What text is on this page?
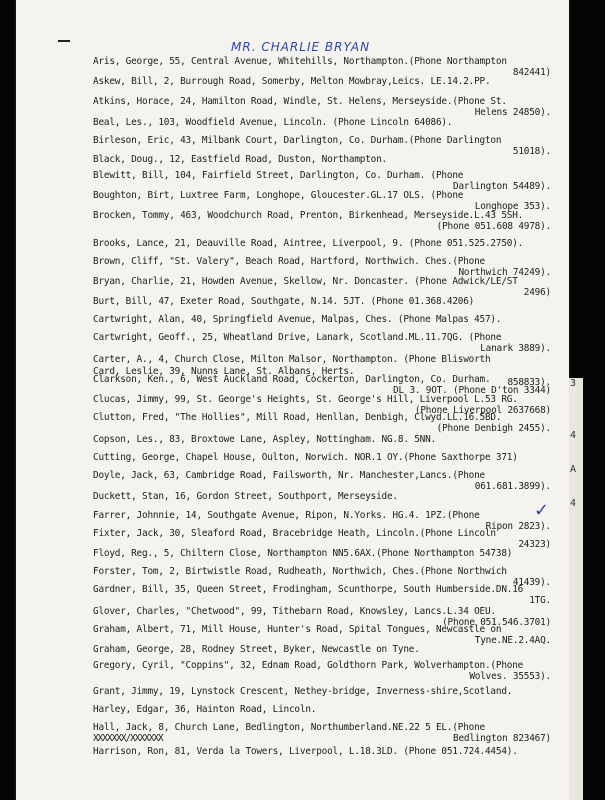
MR. CHARLIE BRYAN
✓
XXXXXXX/XXXXXXX
Aris, George, 55, Central Avenue, Whitehills, Northampton.(Phone Northampton
842441)
Askew, Bill, 2, Burrough Road, Somerby, Melton Mowbray,Leics. LE.14.2.PP.
Atkins, Horace, 24, Hamilton Road, Windle, St. Helens, Merseyside.(Phone St.
Helens 24850).
Beal, Les., 103, Woodfield Avenue, Lincoln. (Phone Lincoln 64086).
Birleson, Eric, 43, Milbank Court, Darlington, Co. Durham.(Phone Darlington
51018).
Black, Doug., 12, Eastfield Road, Duston, Northampton.
Blewitt, Bill, 104, Fairfield Street, Darlington, Co. Durham. (Phone
Darlington 54489).
Boughton, Birt, Luxtree Farm, Longhope, Gloucester.GL.17 OLS. (Phone
Longhope 353).
Brocken, Tommy, 463, Woodchurch Road, Prenton, Birkenhead, Merseyside.L.43 5SH.
(Phone 051.608 4978).
Brooks, Lance, 21, Deauville Road, Aintree, Liverpool, 9. (Phone 051.525.2750).
Brown, Cliff, "St. Valery", Beach Road, Hartford, Northwich. Ches.(Phone
Northwich 74249).
Bryan, Charlie, 21, Howden Avenue, Skellow, Nr. Doncaster. (Phone Adwick/LE/ST
2496)
Burt, Bill, 47, Exeter Road, Southgate, N.14. 5JT. (Phone 01.368.4206)
Cartwright, Alan, 40, Springfield Avenue, Malpas, Ches. (Phone Malpas 457).
Cartwright, Geoff., 25, Wheatland Drive, Lanark, Scotland.ML.11.7QG. (Phone
Lanark 3889).
Carter, A., 4, Church Close, Milton Malsor, Northampton. (Phone Blisworth
Card, Leslie, 39, Nunns Lane, St. Albans, Herts.
858833).
Clarkson, Ken., 6, West Auckland Road, Cockerton, Darlington, Co. Durham.
DL 3. 9OT. (Phone D'ton 3344)
Clucas, Jimmy, 99, St. George's Heights, St. George's Hill, Liverpool L.53 RG.
(Phone Liverpool 2637668)
Clutton, Fred, "The Hollies", Mill Road, Henllan, Denbigh, Clwyd.LL.16.5BD.
(Phone Denbigh 2455).
Copson, Les., 83, Broxtowe Lane, Aspley, Nottingham. NG.8. 5NN.
Cutting, George, Chapel House, Oulton, Norwich. NOR.1 OY.(Phone Saxthorpe 371)
Doyle, Jack, 63, Cambridge Road, Failsworth, Nr. Manchester,Lancs.(Phone
061.681.3899).
Duckett, Stan, 16, Gordon Street, Southport, Merseyside.
Farrer, Johnnie, 14, Southgate Avenue, Ripon, N.Yorks. HG.4. 1PZ.(Phone
Ripon 2823).
Fixter, Jack, 30, Sleaford Road, Bracebridge Heath, Lincoln.(Phone Lincoln
24323)
Floyd, Reg., 5, Chiltern Close, Northampton NN5.6AX.(Phone Northampton 54738)
Forster, Tom, 2, Birtwistle Road, Rudheath, Northwich, Ches.(Phone Northwich
41439).
Gardner, Bill, 35, Queen Street, Frodingham, Scunthorpe, South Humberside.DN.16
1TG.
Glover, Charles, "Chetwood", 99, Tithebarn Road, Knowsley, Lancs.L.34 OEU.
(Phone 051.546.3701)
Graham, Albert, 71, Mill House, Hunter's Road, Spital Tongues, Newcastle on
Tyne.NE.2.4AQ.
Graham, George, 28, Rodney Street, Byker, Newcastle on Tyne.
Gregory, Cyril, "Coppins", 32, Ednam Road, Goldthorn Park, Wolverhampton.(Phone
Wolves. 35553).
Grant, Jimmy, 19, Lynstock Crescent, Nethey-bridge, Inverness-shire,Scotland.
Harley, Edgar, 36, Hainton Road, Lincoln.
Hall, Jack, 8, Church Lane, Bedlington, Northumberland.NE.22 5 EL.(Phone
Bedlington 823467)
Harrison, Ron, 81, Verda la Towers, Liverpool, L.18.3LD. (Phone 051.724.4454).
3
4
A
4
